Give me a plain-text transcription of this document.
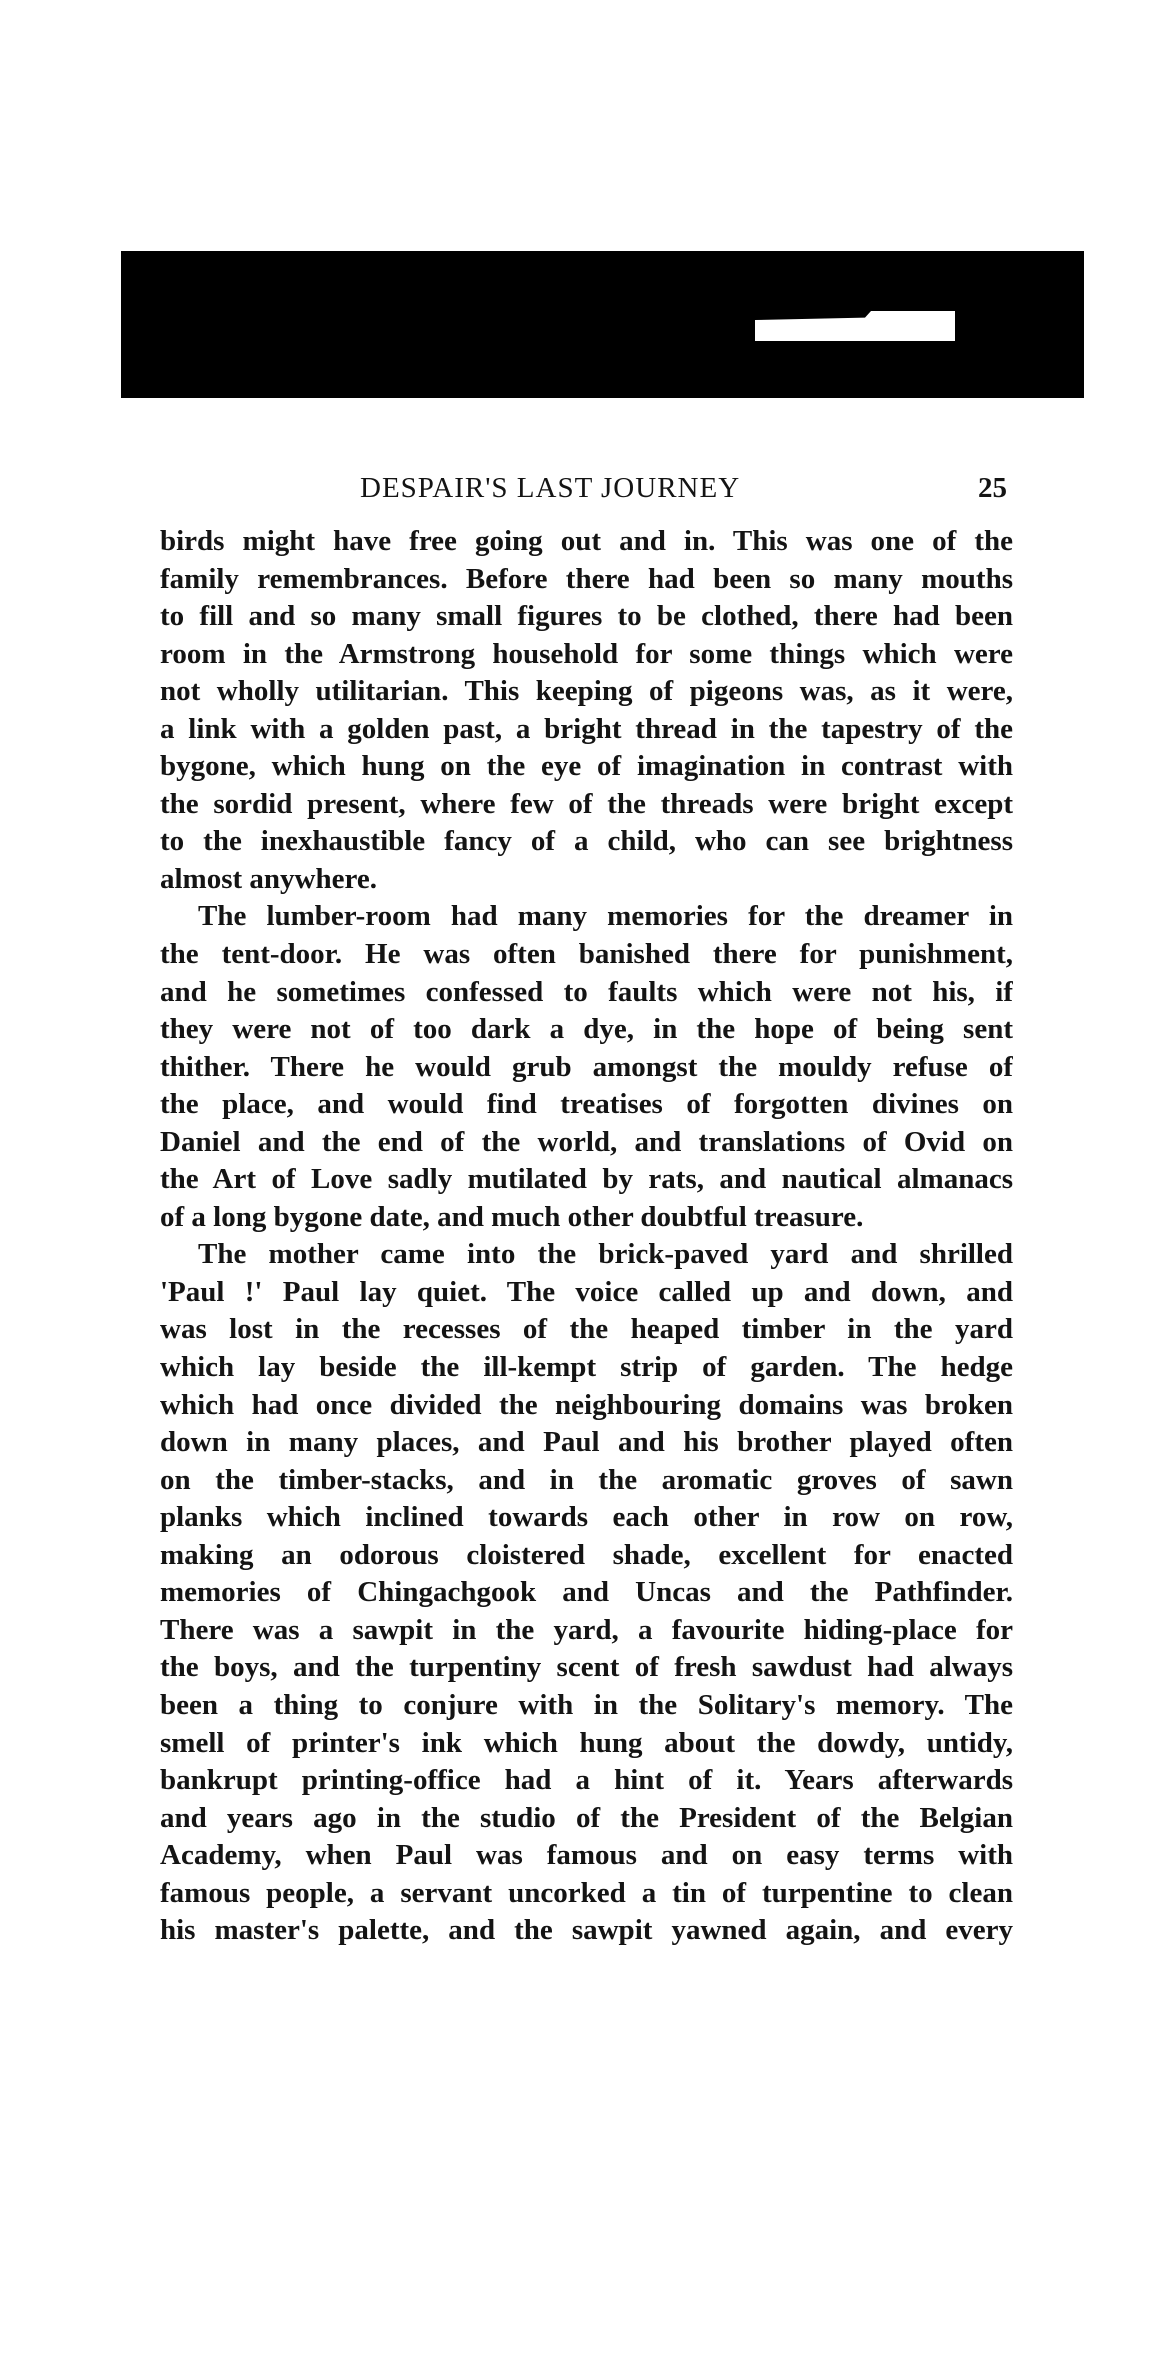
DESPAIR'S LAST JOURNEY	25
birds might have free going out and in. This was one of the
family remembrances. Before there had been so many mouths
to fill and so many small figures to be clothed, there had been
room in the Armstrong household for some things which were
not wholly utilitarian. This keeping of pigeons was, as it were,
a link with a golden past, a bright thread in the tapestry of the
bygone, which hung on the eye of imagination in contrast with
the sordid present, where few of the threads were bright except
to the inexhaustible fancy of a child, who can see brightness
almost anywhere.
The lumber-room had many memories for the dreamer in
the tent-door. He was often banished there for punishment,
and he sometimes confessed to faults which were not his, if
they were not of too dark a dye, in the hope of being sent
thither. There he would grub amongst the mouldy refuse of
the place, and would find treatises of forgotten divines on
Daniel and the end of the world, and translations of Ovid on
the Art of Love sadly mutilated by rats, and nautical almanacs
of a long bygone date, and much other doubtful treasure.
The mother came into the brick-paved yard and shrilled
'Paul !' Paul lay quiet. The voice called up and down, and
was lost in the recesses of the heaped timber in the yard
which lay beside the ill-kempt strip of garden. The hedge
which had once divided the neighbouring domains was broken
down in many places, and Paul and his brother played often
on the timber-stacks, and in the aromatic groves of sawn
planks which inclined towards each other in row on row,
making an odorous cloistered shade, excellent for enacted
memories of Chingachgook and Uncas and the Pathfinder.
There was a sawpit in the yard, a favourite hiding-place for
the boys, and the turpentiny scent of fresh sawdust had always
been a thing to conjure with in the Solitary's memory. The
smell of printer's ink which hung about the dowdy, untidy,
bankrupt printing-office had a hint of it. Years afterwards
and years ago in the studio of the President of the Belgian
Academy, when Paul was famous and on easy terms with
famous people, a servant uncorked a tin of turpentine to clean
his master's palette, and the sawpit yawned again, and every
